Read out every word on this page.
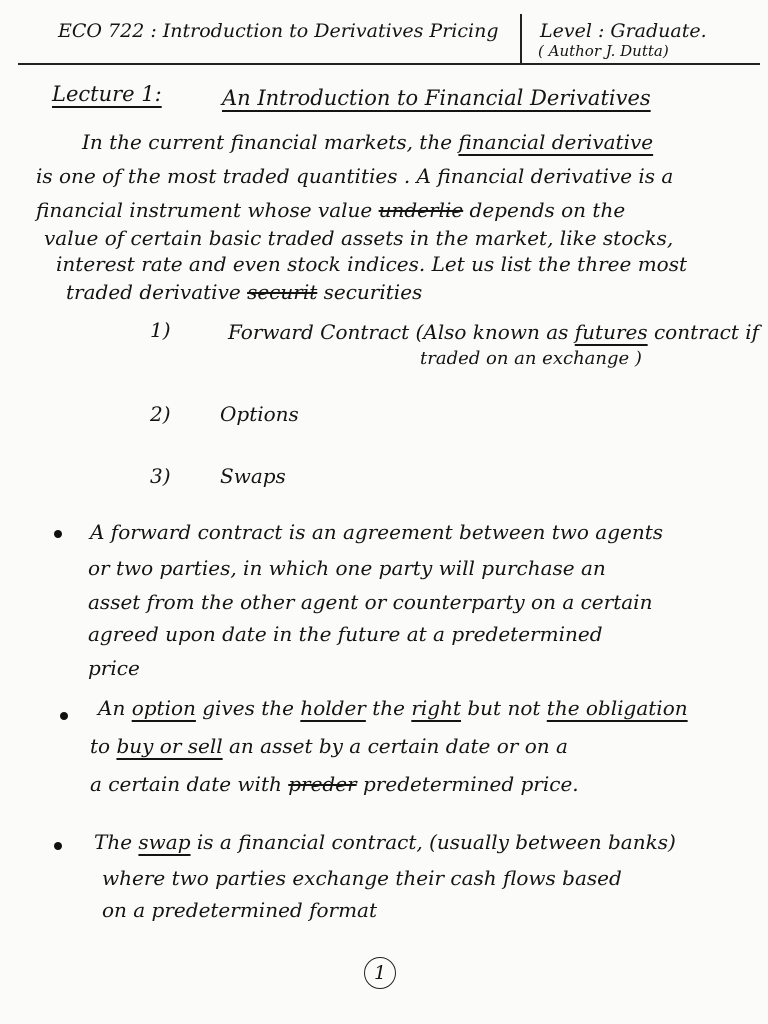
ECO 722 : Introduction to Derivatives Pricing Level : Graduate.
( Author J. Dutta)
Lecture 1:	An Introduction to Financial Derivatives
In the current financial markets, the financial derivative
is one of the most traded quantities . A financial derivative is a
financial instrument whose value underlie depends on the
value of certain basic traded assets in the market, like stocks,
interest rate and even stock indices. Let us list the three most
traded derivative securit securities
1)	Forward Contract (Also known as futures contract if
traded on an exchange )
2) Options
3) Swaps
A forward contract is an agreement between two agents
or two parties, in which one party will purchase an
asset from the other agent or counterparty on a certain
agreed upon date in the future at a predetermined
price
An option gives the holder the right but not the obligation
to buy or sell an asset by a certain date or on a
a certain date with preder predetermined price.
The swap is a financial contract, (usually between banks)
where two parties exchange their cash flows based
on a predetermined format
1
